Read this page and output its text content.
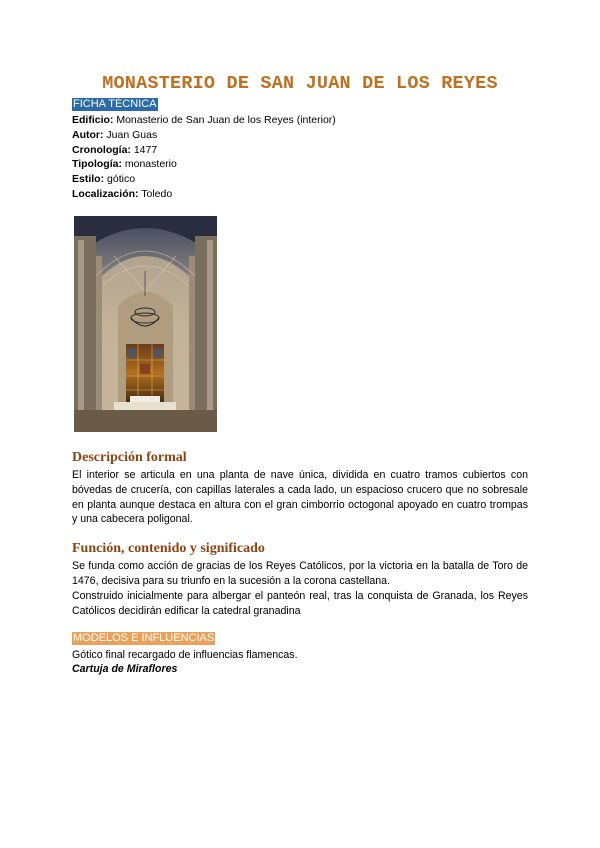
MONASTERIO DE SAN JUAN DE LOS REYES
FICHA TÉCNICA
Edificio: Monasterio de San Juan de los Reyes (interior)
Autor: Juan Guas
Cronología: 1477
Tipología: monasterio
Estilo: gótico
Localización: Toledo
Descripción formal
El interior se articula en una planta de nave única, dividida en cuatro tramos cubiertos con bóvedas de crucería, con capillas laterales a cada lado, un espacioso crucero que no sobresale en planta aunque destaca en altura con el gran cimborrio octogonal apoyado en cuatro trompas y una cabecera poligonal.
Función, contenido y significado
Se funda como acción de gracias de los Reyes Católicos, por la victoria en la batalla de Toro de 1476, decisiva para su triunfo en la sucesión a la corona castellana.
Construido inicialmente para albergar el panteón real, tras la conquista de Granada, los Reyes Católicos decidirán edificar la catedral granadina
MODELOS E INFLUENCIAS
Gótico final recargado de influencias flamencas.
Cartuja de Miraflores
